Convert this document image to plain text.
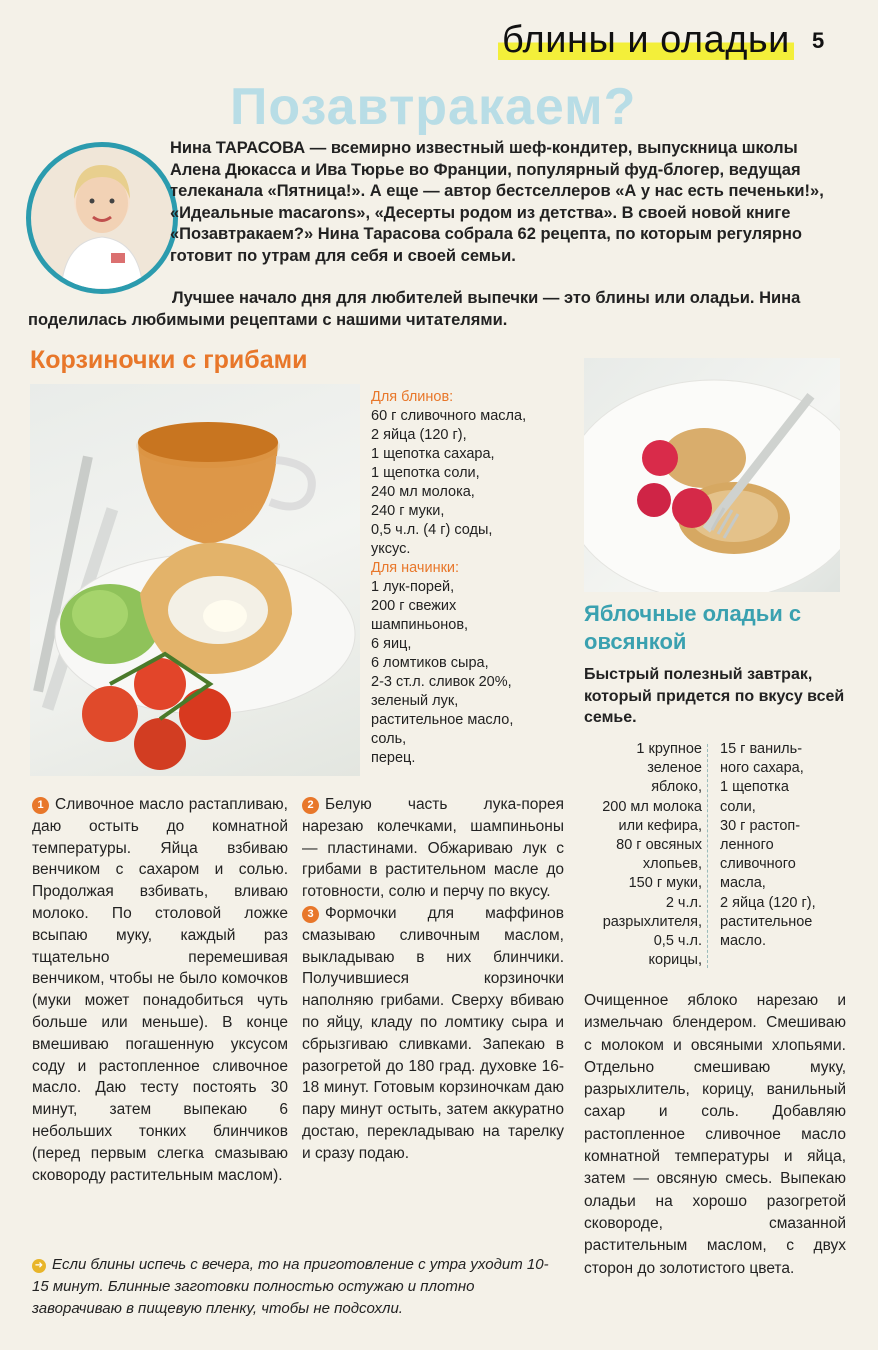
блины и оладьи 5
Позавтракаем?
Нина ТАРАСОВА — всемирно известный шеф-кондитер, выпускница школы Алена Дюкасса и Ива Тюрье во Франции, популярный фуд-блогер, ведущая телеканала «Пятница!». А еще — автор бестселлеров «А у нас есть печеньки!», «Идеальные macarons», «Десерты родом из детства». В своей новой книге «Позавтракаем?» Нина Тарасова собрала 62 рецепта, по которым регулярно готовит по утрам для себя и своей семьи.
Лучшее начало дня для любителей выпечки — это блины или оладьи. Нина поделилась любимыми рецептами с нашими читателями.
Корзиночки с грибами
Для блинов:
60 г сливочного масла,
2 яйца (120 г),
1 щепотка сахара,
1 щепотка соли,
240 мл молока,
240 г муки,
0,5 ч.л. (4 г) соды,
уксус.
Для начинки:
1 лук-порей,
200 г свежих
шампиньонов,
6 яиц,
6 ломтиков сыра,
2-3 ст.л. сливок 20%,
зеленый лук,
растительное масло,
соль,
перец.

1 Сливочное масло растапливаю, даю остыть до комнатной температуры. Яйца взбиваю венчиком с сахаром и солью. Продолжая взбивать, вливаю молоко. По столовой ложке всыпаю муку, каждый раз тщательно перемешивая венчиком, чтобы не было комочков (муки может понадобиться чуть больше или меньше). В конце вмешиваю погашенную уксусом соду и растопленное сливочное масло. Даю тесту постоять 30 минут, затем выпекаю 6 небольших тонких блинчиков (перед первым слегка смазываю сковороду растительным маслом).

2 Белую часть лука-порея нарезаю колечками, шампиньоны — пластинами. Обжариваю лук с грибами в растительном масле до готовности, солю и перчу по вкусу.

3 Формочки для маффинов смазываю сливочным маслом, выкладываю в них блинчики. Получившиеся корзиночки наполняю грибами. Сверху вбиваю по яйцу, кладу по ломтику сыра и сбрызгиваю сливками. Запекаю в разогретой до 180 град. духовке 16-18 минут. Готовым корзиночкам даю пару минут остыть, затем аккуратно достаю, перекладываю на тарелку и сразу подаю.

➜ Если блины испечь с вечера, то на приготовление с утра уходит 10-15 минут. Блинные заготовки полностью остужаю и плотно заворачиваю в пищевую пленку, чтобы не подсохли.
Яблочные оладьи с овсянкой
Быстрый полезный завтрак, который придется по вкусу всей семье.
1 крупное
зеленое
яблоко,
200 мл молока
или кефира,
80 г овсяных
хлопьев,
150 г муки,
2 ч.л.
разрыхлителя,
0,5 ч.л.
корицы,
15 г ваниль-
ного сахара,
1 щепотка
соли,
30 г растоп-
ленного
сливочного
масла,
2 яйца (120 г),
растительное
масло.
Очищенное яблоко нарезаю и измельчаю блендером. Смешиваю с молоком и овсяными хлопьями. Отдельно смешиваю муку, разрыхлитель, корицу, ванильный сахар и соль. Добавляю растопленное сливочное масло комнатной температуры и яйца, затем — овсяную смесь. Выпекаю оладьи на хорошо разогретой сковороде, смазанной растительным маслом, с двух сторон до золотистого цвета.
